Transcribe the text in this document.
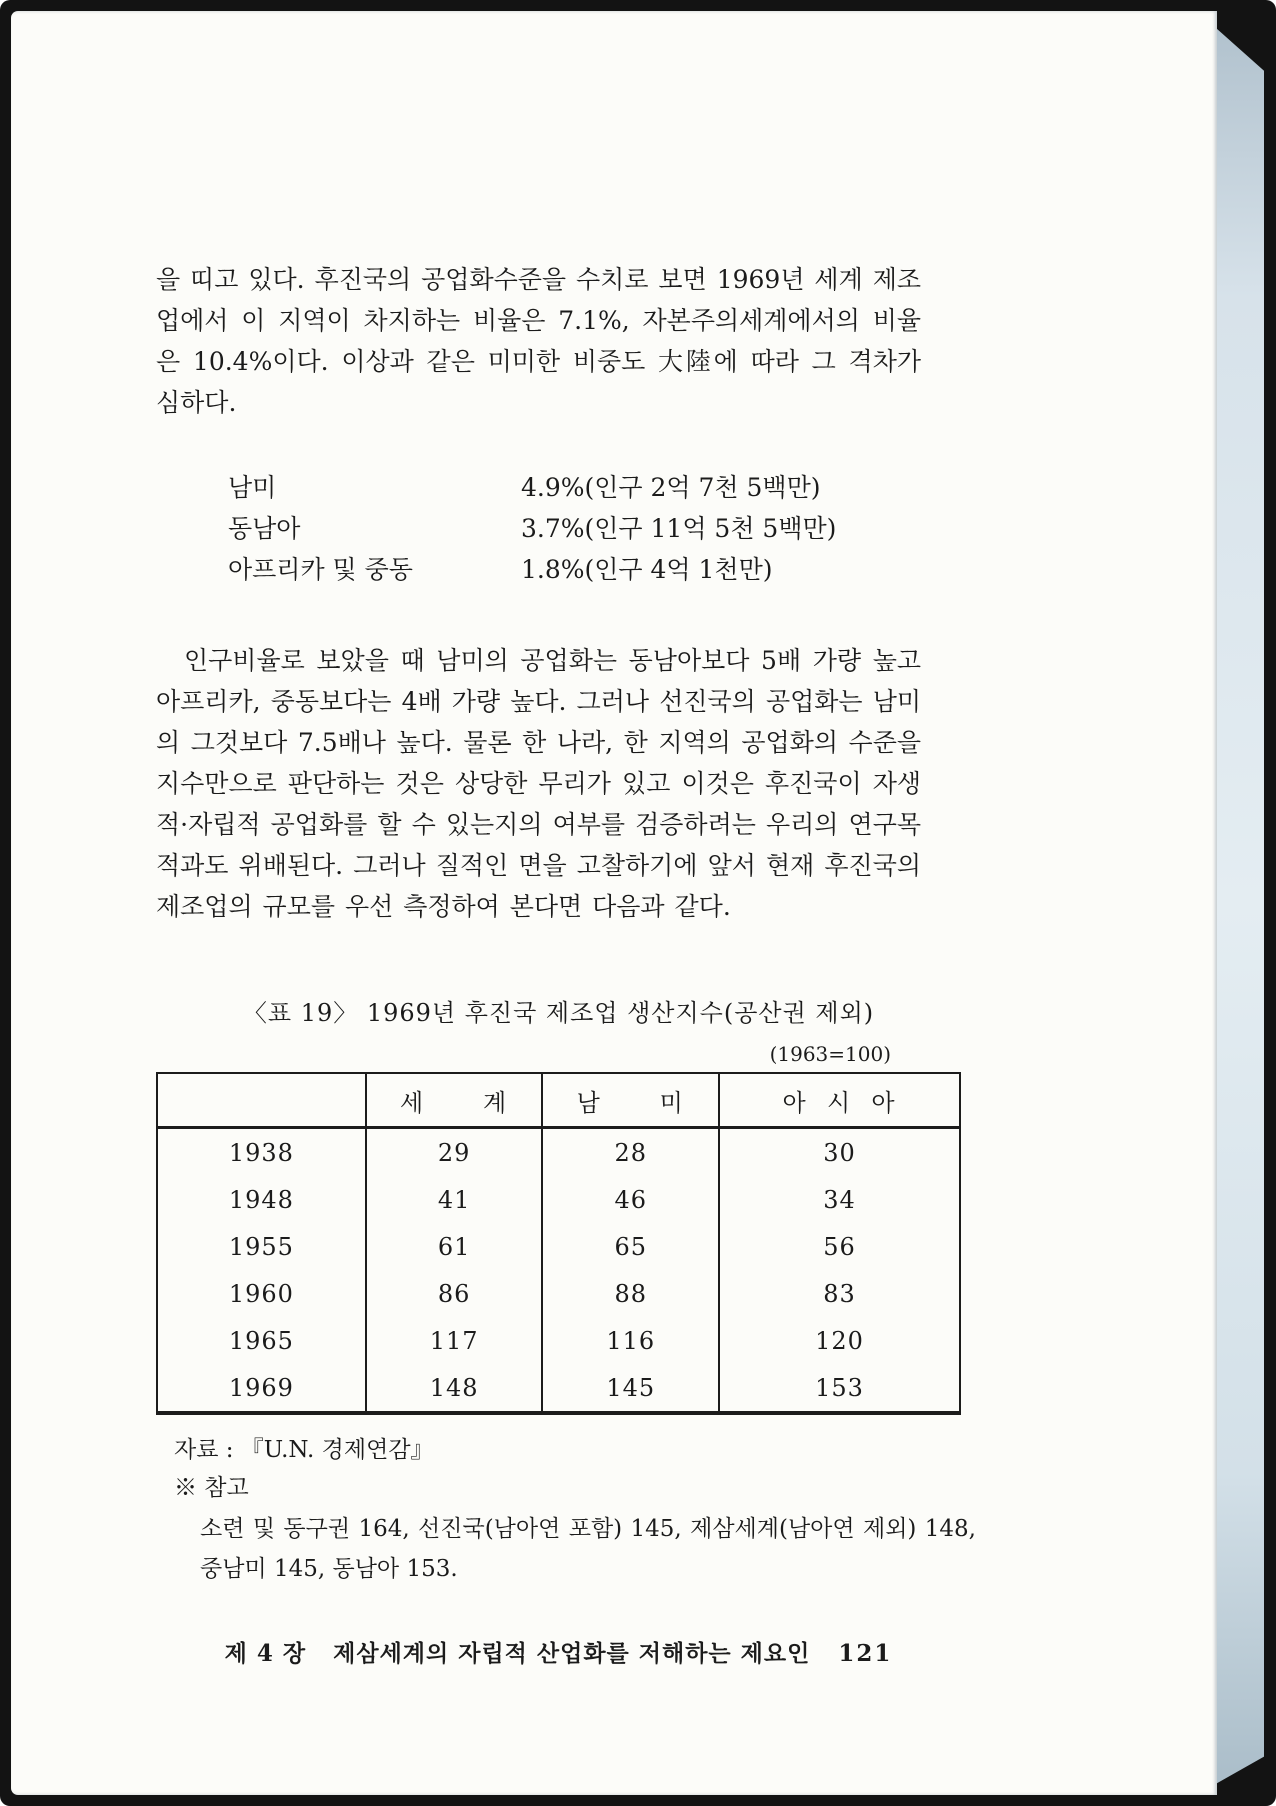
을 띠고 있다. 후진국의 공업화수준을 수치로 보면 1969년 세계 제조업에서 이 지역이 차지하는 비율은 7.1%, 자본주의세계에서의 비율은 10.4%이다. 이상과 같은 미미한 비중도 大陸에 따라 그 격차가 심하다.

남미	4.9%(인구 2억 7천 5백만)
동남아	3.7%(인구 11억 5천 5백만)
아프리카 및 중동	1.8%(인구 4억 1천만)

인구비율로 보았을 때 남미의 공업화는 동남아보다 5배 가량 높고 아프리카, 중동보다는 4배 가량 높다. 그러나 선진국의 공업화는 남미의 그것보다 7.5배나 높다. 물론 한 나라, 한 지역의 공업화의 수준을 지수만으로 판단하는 것은 상당한 무리가 있고 이것은 후진국이 자생적·자립적 공업화를 할 수 있는지의 여부를 검증하려는 우리의 연구목적과도 위배된다. 그러나 질적인 면을 고찰하기에 앞서 현재 후진국의 제조업의 규모를 우선 측정하여 본다면 다음과 같다.

〈표 19〉 1969년 후진국 제조업 생산지수(공산권 제외)
(1963=100)
	세      계	남      미	아  시  아
1938	29	28	30
1948	41	46	34
1955	61	65	56
1960	86	88	83
1965	117	116	120
1969	148	145	153
자료 : 『U.N. 경제연감』
※ 참고
소련 및 동구권 164, 선진국(남아연 포함) 145, 제삼세계(남아연 제외) 148, 중남미 145, 동남아 153.
제 4 장   제삼세계의 자립적 산업화를 저해하는 제요인 121
